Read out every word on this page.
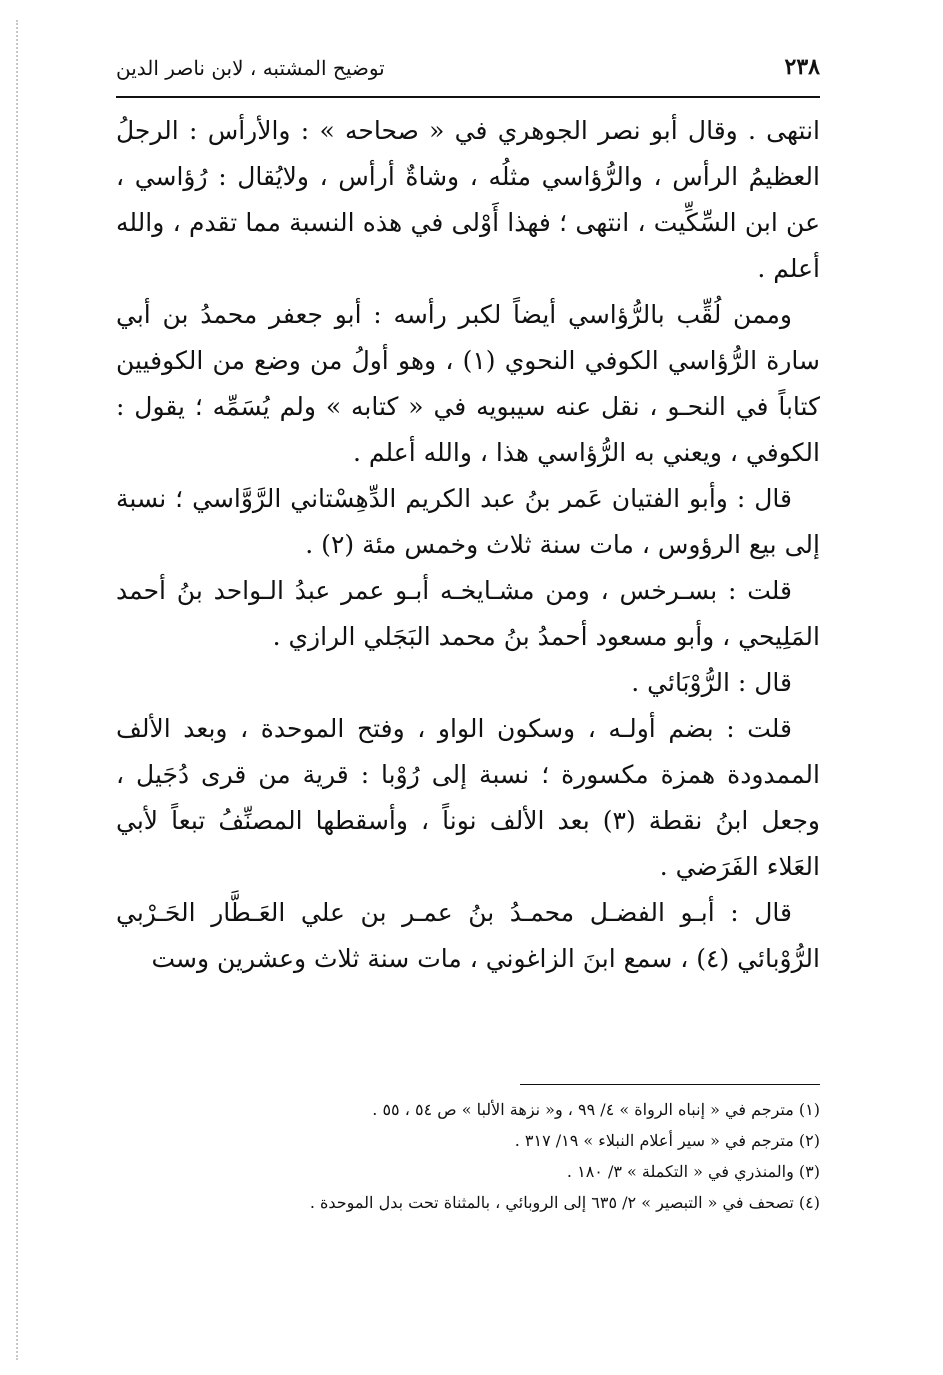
٢٣٨
توضيح المشتبه ، لابن ناصر الدين

انتهى . وقال أبو نصر الجوهري في « صحاحه » : والأرأس : الرجلُ العظيمُ الرأس ، والرُّؤاسي مثلُه ، وشاةٌ أرأس ، ولايُقال : رُؤاسي ، عن ابن السِّكِّيت ، انتهى ؛ فهذا أَوْلى في هذه النسبة مما تقدم ، والله أعلم .

وممن لُقِّب بالرُّؤاسي أيضاً لكبر رأسه : أبو جعفر محمدُ بن أبي سارة الرُّؤاسي الكوفي النحوي (١) ، وهو أولُ من وضع من الكوفيين كتاباً في النحـو ، نقل عنه سيبويه في « كتابه » ولم يُسَمِّه ؛ يقول : الكوفي ، ويعني به الرُّؤاسي هذا ، والله أعلم .

قال : وأبو الفتيان عَمر بنُ عبد الكريم الدِّهِسْتاني الرَّوَّاسي ؛ نسبة إلى بيع الرؤوس ، مات سنة ثلاث وخمس مئة (٢) .

قلت : بسـرخس ، ومن مشـايخـه أبـو عمر عبدُ الـواحد بنُ أحمد المَلِيحي ، وأبو مسعود أحمدُ بنُ محمد البَجَلي الرازي .

قال : الرُّوْبَائي .

قلت : بضم أولـه ، وسكون الواو ، وفتح الموحدة ، وبعد الألف الممدودة همزة مكسورة ؛ نسبة إلى رُوْبا : قرية من قرى دُجَيل ، وجعل ابنُ نقطة (٣) بعد الألف نوناً ، وأسقطها المصنِّفُ تبعاً لأبي العَلاء الفَرَضي .

قال : أبـو الفضـل محمـدُ بنُ عمـر بن علي العَـطَّار الحَـرْبي الرُّوْبائي (٤) ، سمع ابنَ الزاغوني ، مات سنة ثلاث وعشرين وست

(١) مترجم في « إنباه الرواة » ٤/ ٩٩ ، و« نزهة الألبا » ص ٥٤ ، ٥٥ .
(٢) مترجم في « سير أعلام النبلاء » ١٩/ ٣١٧ .
(٣) والمنذري في « التكملة » ٣/ ١٨٠ .
(٤) تصحف في « التبصير » ٢/ ٦٣٥ إلى الروبائي ، بالمثناة تحت بدل الموحدة .
